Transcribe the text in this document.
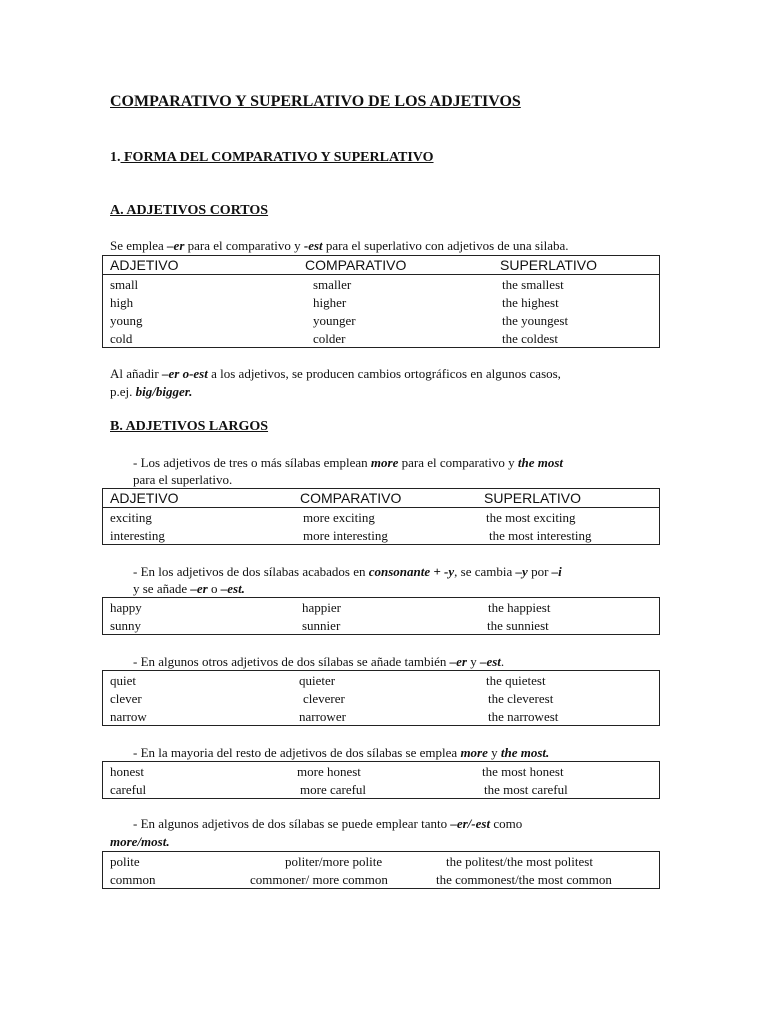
COMPARATIVO Y SUPERLATIVO DE LOS ADJETIVOS
1. FORMA DEL COMPARATIVO Y SUPERLATIVO
A. ADJETIVOS CORTOS
Se emplea –er para el comparativo y -est para el superlativo con adjetivos de una silaba.
ADJETIVO	COMPARATIVO	SUPERLATIVO
small	smaller	the smallest
high	higher	the highest
young	younger	the youngest
cold	colder	the coldest
Al añadir –er o-est a los adjetivos, se producen cambios ortográficos en algunos casos,
p.ej. big/bigger.
B. ADJETIVOS LARGOS
- Los adjetivos de tres o más sílabas emplean more para el comparativo y the most
para el superlativo.
ADJETIVO	COMPARATIVO	SUPERLATIVO
exciting	more exciting	the most exciting
interesting	more interesting	the most interesting
- En los adjetivos de dos sílabas acabados en consonante + -y, se cambia –y por –i
y se añade –er o –est.
happy	happier	the happiest
sunny	sunnier	the sunniest
- En algunos otros adjetivos de dos sílabas se añade también –er y –est.
quiet	quieter	the quietest
clever	cleverer	the cleverest
narrow	narrower	the narrowest
- En la mayoria del resto de adjetivos de dos sílabas se emplea more y the most.
honest	more honest	the most honest
careful	more careful	the most careful
- En algunos adjetivos de dos sílabas se puede emplear tanto –er/-est como
more/most.
polite	politer/more polite	the politest/the most politest
common	commoner/ more common	the commonest/the most common
